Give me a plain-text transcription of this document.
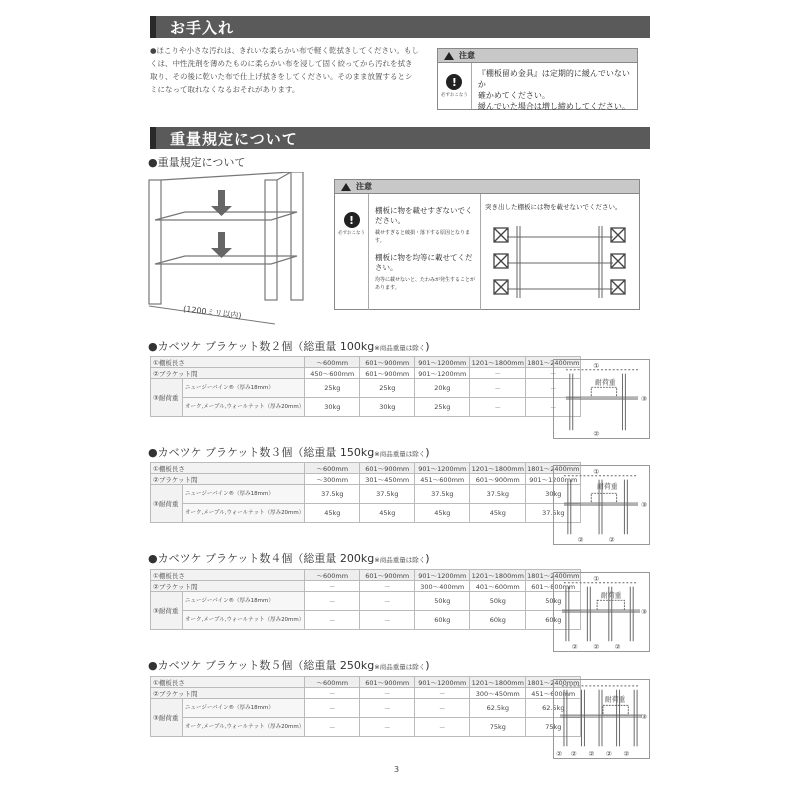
お手入れ
●ほこりや小さな汚れは、きれいな柔らかい布で軽く乾拭きしてください。もし
くは、中性洗剤を薄めたものに柔らかい布を浸して固く絞ってから汚れを拭き
取り、その後に乾いた布で仕上げ拭きをしてください。そのまま放置するとシ
ミになって取れなくなるおそれがあります。
注意
!
必ずおこなう
『棚板留め金具』は定期的に緩んでいないか
確かめてください。
緩んでいた場合は増し締めしてください。
重量規定について
●重量規定について
(1200ミリ以内)
注意
!
必ずおこなう
棚板に物を載せすぎないでください。
載せすぎると破損・落下する原因となります。
棚板に物を均等に載せてください。
均等に載せないと、たわみが発生することがあります。
突き出した棚板には物を載せないでください。
●カベツケ ブラケット数２個（総重量 100kg※商品重量は除く)
①棚板長さ		～600mm	601～900mm	901～1200mm	1201～1800mm	1801～2400mm
②ブラケット間		450～600mm	601～900mm	901～1200mm	－	－
③耐荷重	ニュージーパイン®（厚み18mm）	25kg	25kg	20kg	－	－
	オーク,メープル,ウォールナット（厚み20mm）	30kg	30kg	25kg	－	－
耐荷重
①
③
②
●カベツケ ブラケット数３個（総重量 150kg※商品重量は除く)
①棚板長さ		～600mm	601～900mm	901～1200mm	1201～1800mm	1801～2400mm
②ブラケット間		～300mm	301～450mm	451～600mm	601～900mm	901～1200mm
③耐荷重	ニュージーパイン®（厚み18mm）	37.5kg	37.5kg	37.5kg	37.5kg	30kg
	オーク,メープル,ウォールナット（厚み20mm）	45kg	45kg	45kg	45kg	37.5kg
耐荷重
①
③
②	②
●カベツケ ブラケット数４個（総重量 200kg※商品重量は除く)
①棚板長さ		～600mm	601～900mm	901～1200mm	1201～1800mm	1801～2400mm
②ブラケット間		－	－	300～400mm	401～600mm	601～800mm
③耐荷重	ニュージーパイン®（厚み18mm）	－	－	50kg	50kg	50kg
	オーク,メープル,ウォールナット（厚み20mm）	－	－	60kg	60kg	60kg
耐荷重
①
③
② ② ②
●カベツケ ブラケット数５個（総重量 250kg※商品重量は除く)
①棚板長さ		～600mm	601～900mm	901～1200mm	1201～1800mm	1801～2400mm
②ブラケット間		－	－	－	300～450mm	451～600mm
③耐荷重	ニュージーパイン®（厚み18mm）	－	－	－	62.5kg	62.5kg
	オーク,メープル,ウォールナット（厚み20mm）	－	－	－	75kg	75kg
耐荷重
③
② ② ② ② ②
3
